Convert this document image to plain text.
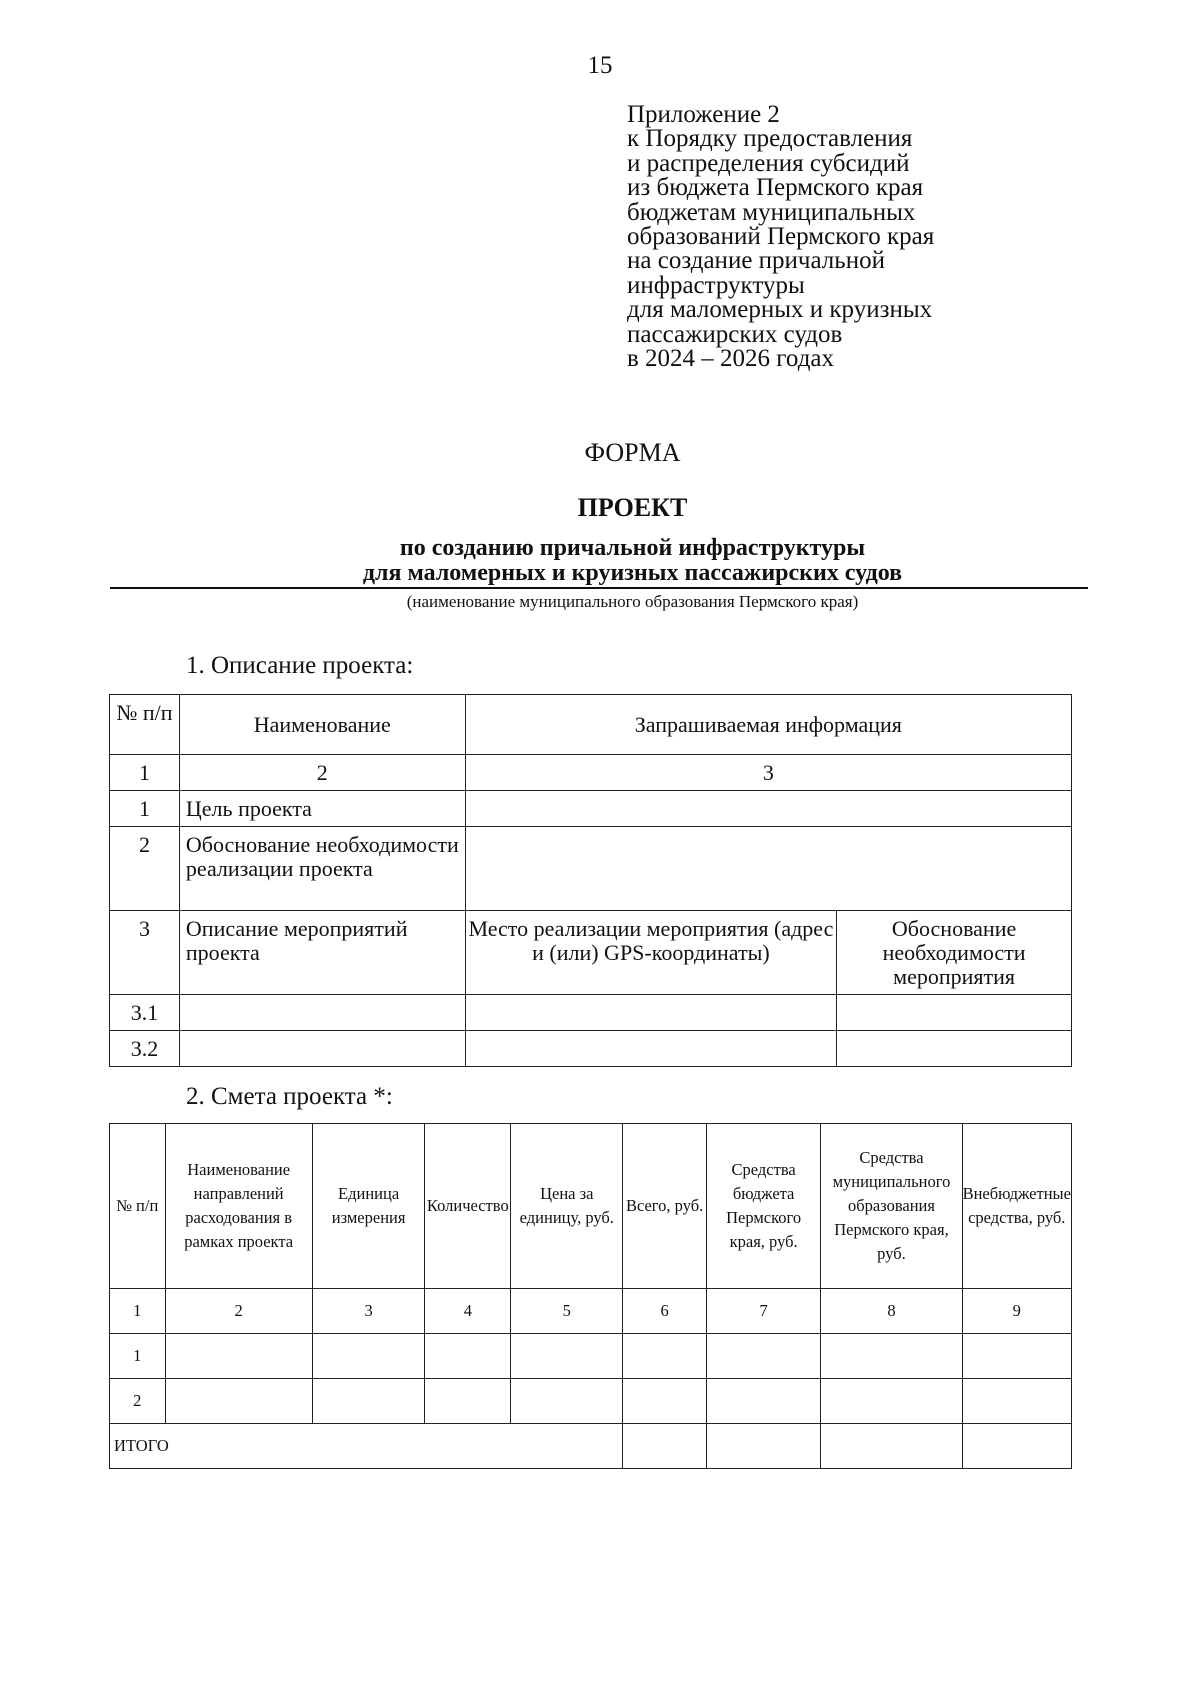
15
Приложение 2
к Порядку предоставления
и распределения субсидий
из бюджета Пермского края
бюджетам муниципальных
образований Пермского края
на создание причальной
инфраструктуры
для маломерных и круизных
пассажирских судов
в 2024 – 2026 годах
ФОРМА
ПРОЕКТ
по созданию причальной инфраструктуры
для маломерных и круизных пассажирских судов
(наименование муниципального образования Пермского края)
1. Описание проекта:
№ п/п	Наименование	Запрашиваемая информация	
1	2	3	
1	Цель проекта		
2	Обоснование необходимости реализации проекта		
3	Описание мероприятий проекта	Место реализации мероприятия (адрес и (или) GPS-координаты)	Обоснование необходимости мероприятия
3.1			
3.2			
2. Смета проекта *:
№ п/п	Наименование направлений расходования в рамках проекта	Единица измерения	Количество	Цена за единицу, руб.	Всего, руб.	Средства бюджета Пермского края, руб.	Средства муниципального образования Пермского края, руб.	Внебюджетные средства, руб.
1	2	3	4	5	6	7	8	9
1								
2								
ИТОГО								
